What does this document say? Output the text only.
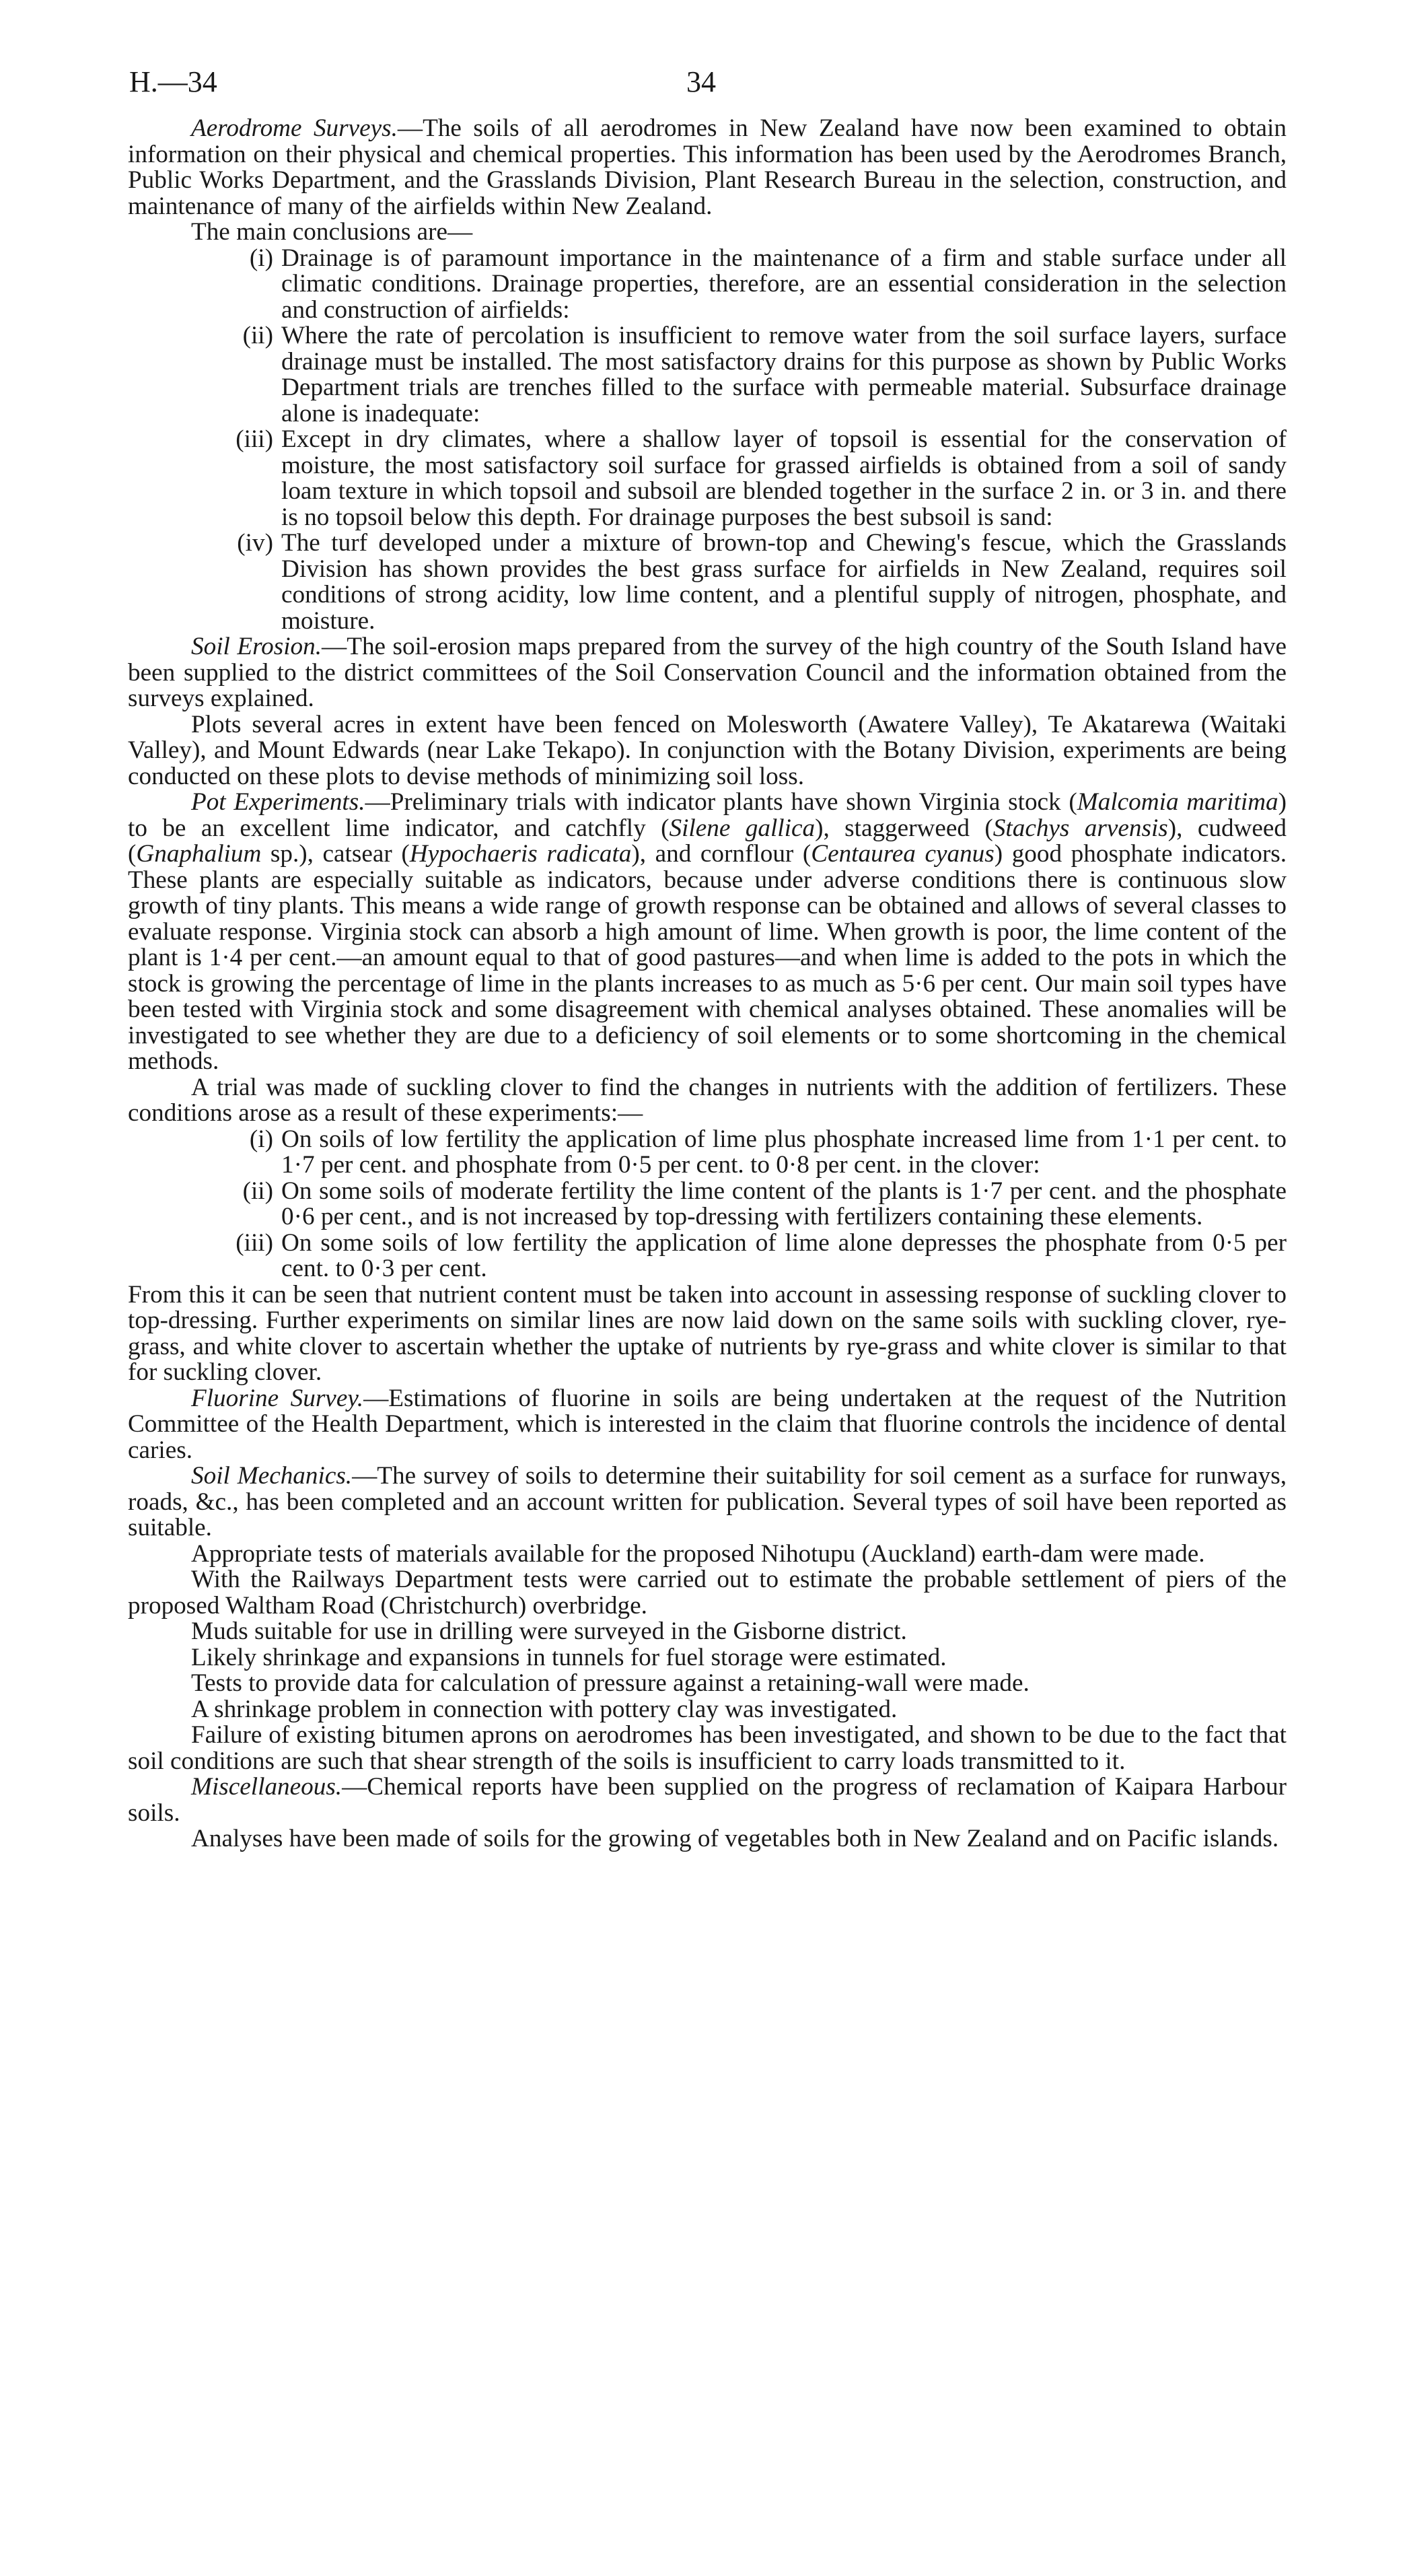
H.—34	34

Aerodrome Surveys.—The soils of all aerodromes in New Zealand have now been examined to obtain information on their physical and chemical properties. This information has been used by the Aerodromes Branch, Public Works Department, and the Grasslands Division, Plant Research Bureau in the selection, construction, and maintenance of many of the airfields within New Zealand.

The main conclusions are—

(i) Drainage is of paramount importance in the maintenance of a firm and stable surface under all climatic conditions. Drainage properties, therefore, are an essential consideration in the selection and construction of airfields:

(ii) Where the rate of percolation is insufficient to remove water from the soil surface layers, surface drainage must be installed. The most satisfactory drains for this purpose as shown by Public Works Department trials are trenches filled to the surface with permeable material. Subsurface drainage alone is inadequate:

(iii) Except in dry climates, where a shallow layer of topsoil is essential for the conservation of moisture, the most satisfactory soil surface for grassed airfields is obtained from a soil of sandy loam texture in which topsoil and subsoil are blended together in the surface 2 in. or 3 in. and there is no topsoil below this depth. For drainage purposes the best subsoil is sand:

(iv) The turf developed under a mixture of brown-top and Chewing's fescue, which the Grasslands Division has shown provides the best grass surface for airfields in New Zealand, requires soil conditions of strong acidity, low lime content, and a plentiful supply of nitrogen, phosphate, and moisture.

Soil Erosion.—The soil-erosion maps prepared from the survey of the high country of the South Island have been supplied to the district committees of the Soil Conservation Council and the information obtained from the surveys explained.

Plots several acres in extent have been fenced on Molesworth (Awatere Valley), Te Akatarewa (Waitaki Valley), and Mount Edwards (near Lake Tekapo). In conjunction with the Botany Division, experiments are being conducted on these plots to devise methods of minimizing soil loss.

Pot Experiments.—Preliminary trials with indicator plants have shown Virginia stock (Malcomia maritima) to be an excellent lime indicator, and catchfly (Silene gallica), staggerweed (Stachys arvensis), cudweed (Gnaphalium sp.), catsear (Hypochaeris radicata), and cornflour (Centaurea cyanus) good phosphate indicators. These plants are especially suitable as indicators, because under adverse conditions there is continuous slow growth of tiny plants. This means a wide range of growth response can be obtained and allows of several classes to evaluate response. Virginia stock can absorb a high amount of lime. When growth is poor, the lime content of the plant is 1·4 per cent.—an amount equal to that of good pastures—and when lime is added to the pots in which the stock is growing the percentage of lime in the plants increases to as much as 5·6 per cent. Our main soil types have been tested with Virginia stock and some disagreement with chemical analyses obtained. These anomalies will be investigated to see whether they are due to a deficiency of soil elements or to some shortcoming in the chemical methods.

A trial was made of suckling clover to find the changes in nutrients with the addition of fertilizers. These conditions arose as a result of these experiments:—

(i) On soils of low fertility the application of lime plus phosphate increased lime from 1·1 per cent. to 1·7 per cent. and phosphate from 0·5 per cent. to 0·8 per cent. in the clover:

(ii) On some soils of moderate fertility the lime content of the plants is 1·7 per cent. and the phosphate 0·6 per cent., and is not increased by top-dressing with fertilizers containing these elements.

(iii) On some soils of low fertility the application of lime alone depresses the phosphate from 0·5 per cent. to 0·3 per cent.

From this it can be seen that nutrient content must be taken into account in assessing response of suckling clover to top-dressing. Further experiments on similar lines are now laid down on the same soils with suckling clover, rye-grass, and white clover to ascertain whether the uptake of nutrients by rye-grass and white clover is similar to that for suckling clover.

Fluorine Survey.—Estimations of fluorine in soils are being undertaken at the request of the Nutrition Committee of the Health Department, which is interested in the claim that fluorine controls the incidence of dental caries.

Soil Mechanics.—The survey of soils to determine their suitability for soil cement as a surface for runways, roads, &c., has been completed and an account written for publication. Several types of soil have been reported as suitable.

Appropriate tests of materials available for the proposed Nihotupu (Auckland) earth-dam were made.

With the Railways Department tests were carried out to estimate the probable settlement of piers of the proposed Waltham Road (Christchurch) overbridge.

Muds suitable for use in drilling were surveyed in the Gisborne district.

Likely shrinkage and expansions in tunnels for fuel storage were estimated.

Tests to provide data for calculation of pressure against a retaining-wall were made.

A shrinkage problem in connection with pottery clay was investigated.

Failure of existing bitumen aprons on aerodromes has been investigated, and shown to be due to the fact that soil conditions are such that shear strength of the soils is insufficient to carry loads transmitted to it.

Miscellaneous.—Chemical reports have been supplied on the progress of reclamation of Kaipara Harbour soils.

Analyses have been made of soils for the growing of vegetables both in New Zealand and on Pacific islands.
